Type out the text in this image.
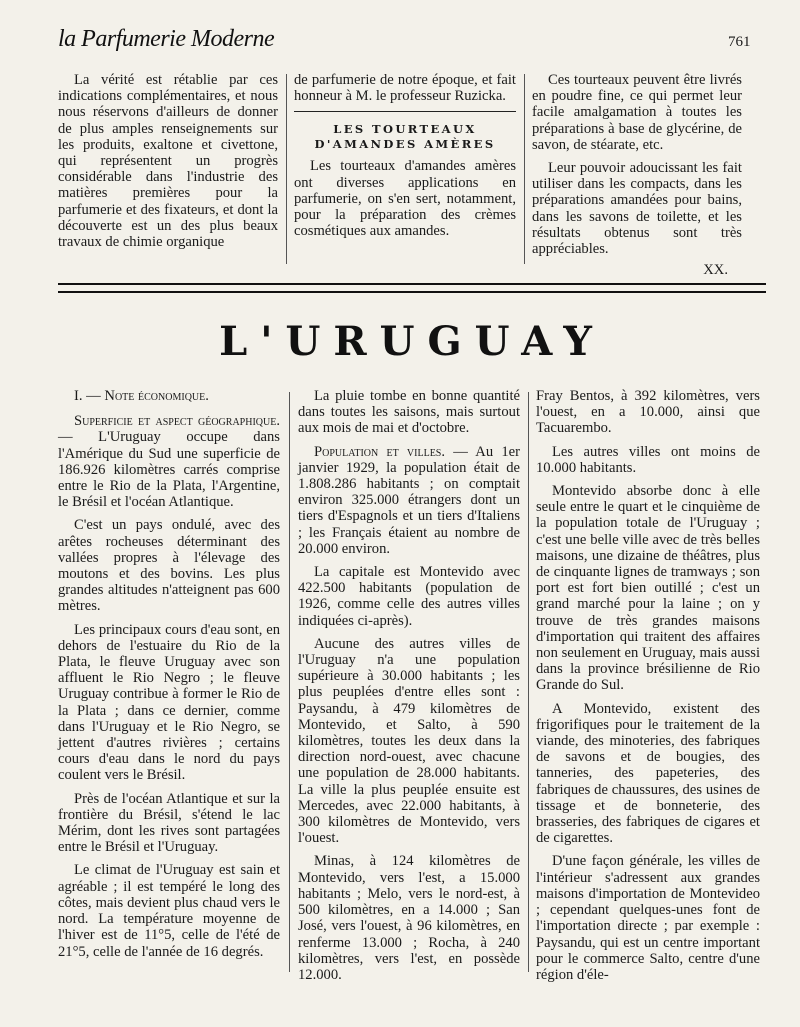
la Parfumerie Moderne	761

La vérité est rétablie par ces indications complémentaires, et nous nous réservons d'ailleurs de donner de plus amples renseignements sur les produits, exaltone et civettone, qui représentent un progrès considérable dans l'industrie des matières premières pour la parfumerie et des fixateurs, et dont la découverte est un des plus beaux travaux de chimie organique

de parfumerie de notre époque, et fait honneur à M. le professeur Ruzicka.

LES TOURTEAUX D'AMANDES AMÈRES

Les tourteaux d'amandes amères ont diverses applications en parfumerie, on s'en sert, notamment, pour la préparation des crèmes cosmétiques aux amandes.

Ces tourteaux peuvent être livrés en poudre fine, ce qui permet leur facile amalgamation à toutes les préparations à base de glycérine, de savon, de stéarate, etc.

Leur pouvoir adoucissant les fait utiliser dans les compacts, dans les préparations amandées pour bains, dans les savons de toilette, et les résultats obtenus sont très appréciables.

XX.

L'URUGUAY

I. — Note économique.

Superficie et aspect géographique. — L'Uruguay occupe dans l'Amérique du Sud une superficie de 186.926 kilomètres carrés comprise entre le Rio de la Plata, l'Argentine, le Brésil et l'océan Atlantique.

C'est un pays ondulé, avec des arêtes rocheuses déterminant des vallées propres à l'élevage des moutons et des bovins. Les plus grandes altitudes n'atteignent pas 600 mètres.

Les principaux cours d'eau sont, en dehors de l'estuaire du Rio de la Plata, le fleuve Uruguay avec son affluent le Rio Negro ; le fleuve Uruguay contribue à former le Rio de la Plata ; dans ce dernier, comme dans l'Uruguay et le Rio Negro, se jettent d'autres rivières ; certains cours d'eau dans le nord du pays coulent vers le Brésil.

Près de l'océan Atlantique et sur la frontière du Brésil, s'étend le lac Mérim, dont les rives sont partagées entre le Brésil et l'Uruguay.

Le climat de l'Uruguay est sain et agréable ; il est tempéré le long des côtes, mais devient plus chaud vers le nord. La température moyenne de l'hiver est de 11°5, celle de l'été de 21°5, celle de l'année de 16 degrés.

La pluie tombe en bonne quantité dans toutes les saisons, mais surtout aux mois de mai et d'octobre.

Population et villes. — Au 1er janvier 1929, la population était de 1.808.286 habitants ; on comptait environ 325.000 étrangers dont un tiers d'Espagnols et un tiers d'Italiens ; les Français étaient au nombre de 20.000 environ.

La capitale est Montevido avec 422.500 habitants (population de 1926, comme celle des autres villes indiquées ci-après).

Aucune des autres villes de l'Uruguay n'a une population supérieure à 30.000 habitants ; les plus peuplées d'entre elles sont : Paysandu, à 479 kilomètres de Montevido, et Salto, à 590 kilomètres, toutes les deux dans la direction nord-ouest, avec chacune une population de 28.000 habitants. La ville la plus peuplée ensuite est Mercedes, avec 22.000 habitants, à 300 kilomètres de Montevido, vers l'ouest.

Minas, à 124 kilomètres de Montevido, vers l'est, a 15.000 habitants ; Melo, vers le nord-est, à 500 kilomètres, en a 14.000 ; San José, vers l'ouest, à 96 kilomètres, en renferme 13.000 ; Rocha, à 240 kilomètres, vers l'est, en possède 12.000.

Fray Bentos, à 392 kilomètres, vers l'ouest, en a 10.000, ainsi que Tacuarembo.

Les autres villes ont moins de 10.000 habitants.

Montevido absorbe donc à elle seule entre le quart et le cinquième de la population totale de l'Uruguay ; c'est une belle ville avec de très belles maisons, une dizaine de théâtres, plus de cinquante lignes de tramways ; son port est fort bien outillé ; c'est un grand marché pour la laine ; on y trouve de très grandes maisons d'importation qui traitent des affaires non seulement en Uruguay, mais aussi dans la province brésilienne de Rio Grande do Sul.

A Montevido, existent des frigorifiques pour le traitement de la viande, des minoteries, des fabriques de savons et de bougies, des tanneries, des papeteries, des fabriques de chaussures, des usines de tissage et de bonneterie, des brasseries, des fabriques de cigares et de cigarettes.

D'une façon générale, les villes de l'intérieur s'adressent aux grandes maisons d'importation de Montevideo ; cependant quelques-unes font de l'importation directe ; par exemple : Paysandu, qui est un centre important pour le commerce Salto, centre d'une région d'éle-
